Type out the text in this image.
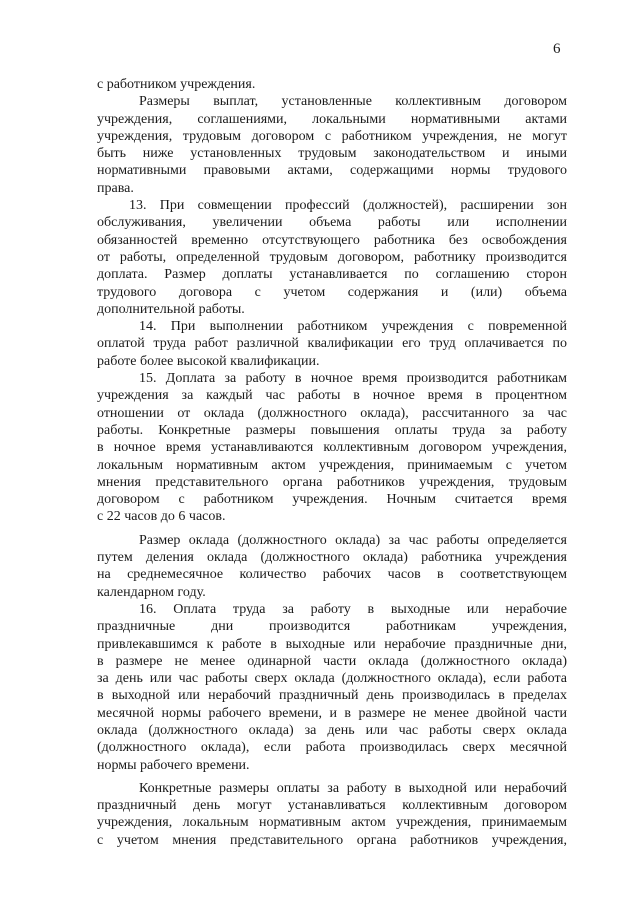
6
с работником учреждения.
Размеры выплат, установленные коллективным договором
учреждения, соглашениями, локальными нормативными актами
учреждения, трудовым договором с работником учреждения, не могут
быть ниже установленных трудовым законодательством и иными
нормативными правовыми актами, содержащими нормы трудового
права.
13. При совмещении профессий (должностей), расширении зон
обслуживания, увеличении объема работы или исполнении
обязанностей временно отсутствующего работника без освобождения
от работы, определенной трудовым договором, работнику производится
доплата. Размер доплаты устанавливается по соглашению сторон
трудового договора с учетом содержания и (или) объема
дополнительной работы.
14. При выполнении работником учреждения с повременной
оплатой труда работ различной квалификации его труд оплачивается по
работе более высокой квалификации.
15. Доплата за работу в ночное время производится работникам
учреждения за каждый час работы в ночное время в процентном
отношении от оклада (должностного оклада), рассчитанного за час
работы. Конкретные размеры повышения оплаты труда за работу
в ночное время устанавливаются коллективным договором учреждения,
локальным нормативным актом учреждения, принимаемым с учетом
мнения представительного органа работников учреждения, трудовым
договором с работником учреждения. Ночным считается время
с 22 часов до 6 часов.
Размер оклада (должностного оклада) за час работы определяется
путем деления оклада (должностного оклада) работника учреждения
на среднемесячное количество рабочих часов в соответствующем
календарном году.
16. Оплата труда за работу в выходные или нерабочие
праздничные дни производится работникам учреждения,
привлекавшимся к работе в выходные или нерабочие праздничные дни,
в размере не менее одинарной части оклада (должностного оклада)
за день или час работы сверх оклада (должностного оклада), если работа
в выходной или нерабочий праздничный день производилась в пределах
месячной нормы рабочего времени, и в размере не менее двойной части
оклада (должностного оклада) за день или час работы сверх оклада
(должностного оклада), если работа производилась сверх месячной
нормы рабочего времени.
Конкретные размеры оплаты за работу в выходной или нерабочий
праздничный день могут устанавливаться коллективным договором
учреждения, локальным нормативным актом учреждения, принимаемым
с учетом мнения представительного органа работников учреждения,
